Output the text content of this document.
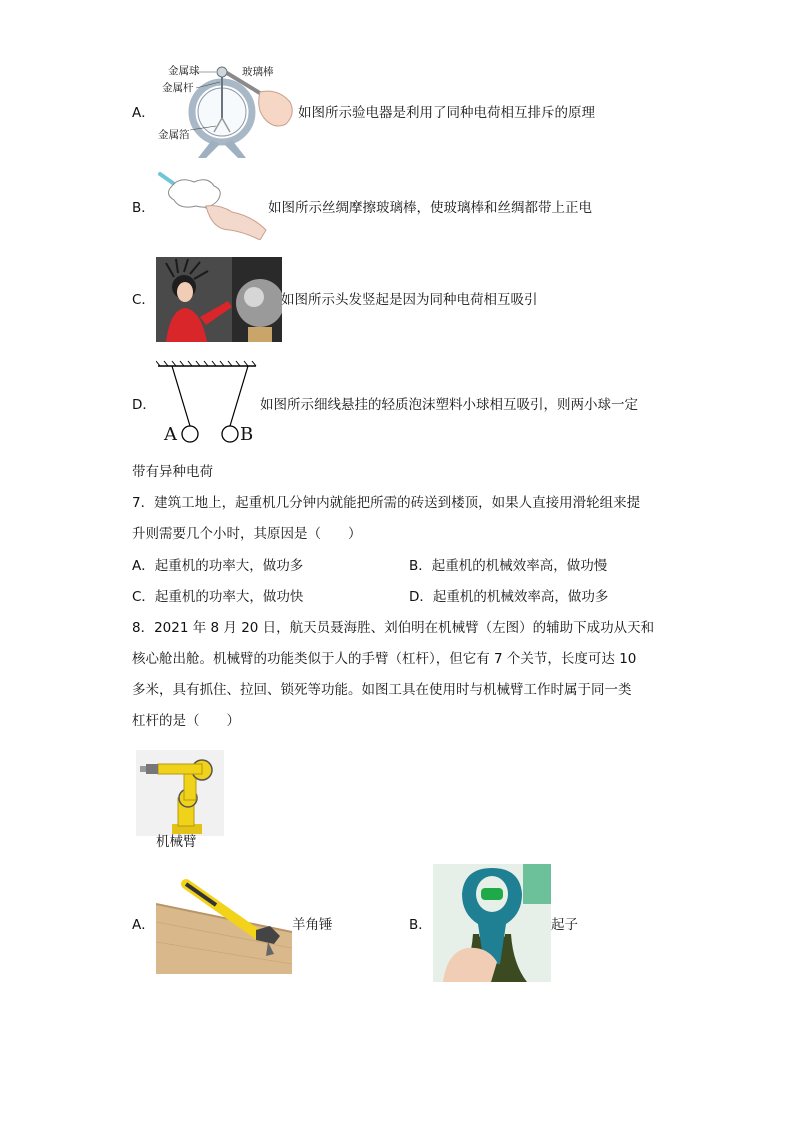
A．
金属球
金属杆
金属箔
玻璃棒
如图所示验电器是利用了同种电荷相互排斥的原理
B．	如图所示丝绸摩擦玻璃棒，使玻璃棒和丝绸都带上正电
C．	如图所示头发竖起是因为同种电荷相互吸引
D．
A	B
如图所示细线悬挂的轻质泡沫塑料小球相互吸引，则两小球一定
带有异种电荷
7．建筑工地上，起重机几分钟内就能把所需的砖送到楼顶，如果人直接用滑轮组来提
升则需要几个小时，其原因是（　　）
A．起重机的功率大，做功多	B．起重机的机械效率高，做功慢
C．起重机的功率大，做功快	D．起重机的机械效率高，做功多
8．2021 年 8 月 20 日，航天员聂海胜、刘伯明在机械臂（左图）的辅助下成功从天和
核心舱出舱。机械臂的功能类似于人的手臂（杠杆），但它有 7 个关节，长度可达 10
多米，具有抓住、拉回、锁死等功能。如图工具在使用时与机械臂工作时属于同一类
杠杆的是（　　）
机械臂
A．	羊角锤	B．	起子
